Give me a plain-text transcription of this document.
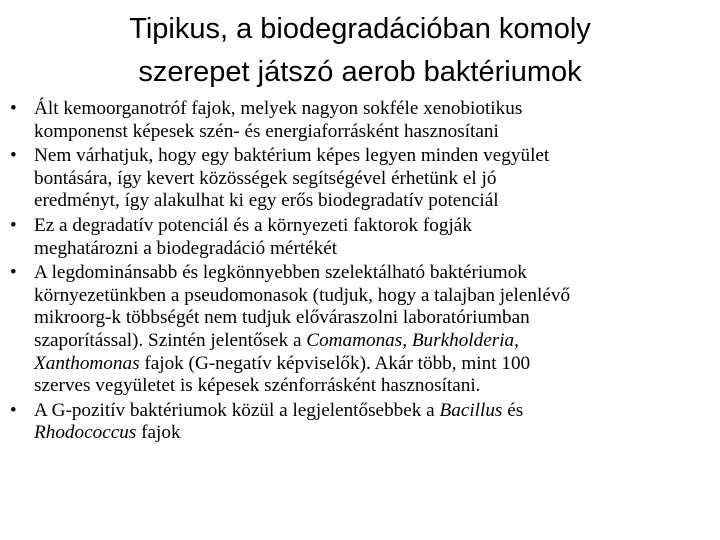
Tipikus, a biodegradációban komoly
szerepet játszó aerob baktériumok
• Ált kemoorganotróf fajok, melyek nagyon sokféle xenobiotikus
komponenst képesek szén- és energiaforrásként hasznosítani
• Nem várhatjuk, hogy egy baktérium képes legyen minden vegyület
bontására, így kevert közösségek segítségével érhetünk el jó
eredményt, így alakulhat ki egy erős biodegradatív potenciál
• Ez a degradatív potenciál és a környezeti faktorok fogják
meghatározni a biodegradáció mértékét
• A legdominánsabb és legkönnyebben szelektálható baktériumok
környezetünkben a pseudomonasok (tudjuk, hogy a talajban jelenlévő
mikroorg-k többségét nem tudjuk előváraszolni laboratóriumban
szaporítással). Szintén jelentősek a Comamonas, Burkholderia,
Xanthomonas fajok (G-negatív képviselők). Akár több, mint 100
szerves vegyületet is képesek szénforrásként hasznosítani.
• A G-pozitív baktériumok közül a legjelentősebbek a Bacillus és
Rhodococcus fajok
